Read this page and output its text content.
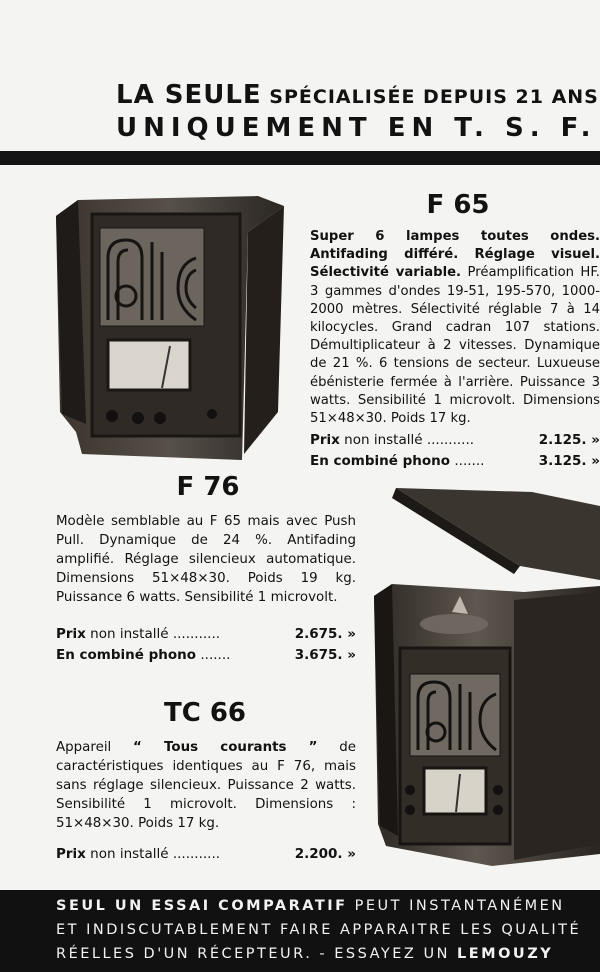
LA SEULE SPÉCIALISÉE DEPUIS 21 ANS
UNIQUEMENT EN T. S. F.
F 65
Super 6 lampes toutes ondes. Antifading différé. Réglage visuel. Sélectivité variable. Préamplification HF. 3 gammes d'ondes 19-51, 195-570, 1000-2000 mètres. Sélectivité réglable 7 à 14 kilocycles. Grand cadran 107 stations. Démultiplicateur à 2 vitesses. Dynamique de 21 %. 6 tensions de secteur. Luxueuse ébénisterie fermée à l'arrière. Puissance 3 watts. Sensibilité 1 microvolt. Dimensions 51×48×30. Poids 17 kg.
Prix non installé ...........	2.125. »
En combiné phono .......	3.125. »
F 76
Modèle semblable au F 65 mais avec Push Pull. Dynamique de 24 %. Antifading amplifié. Réglage silencieux automatique. Dimensions 51×48×30. Poids 19 kg. Puissance 6 watts. Sensibilité 1 microvolt.
Prix non installé ...........	2.675. »
En combiné phono .......	3.675. »
TC 66
Appareil “ Tous courants ” de caractéristiques identiques au F 76, mais sans réglage silencieux. Puissance 2 watts. Sensibilité 1 microvolt. Dimensions : 51×48×30. Poids 17 kg.
Prix non installé ...........	2.200. »
SEUL UN ESSAI COMPARATIF PEUT INSTANTANÉMEN
ET INDISCUTABLEMENT FAIRE APPARAITRE LES QUALITÉ
RÉELLES D'UN RÉCEPTEUR. - ESSAYEZ UN LEMOUZY
